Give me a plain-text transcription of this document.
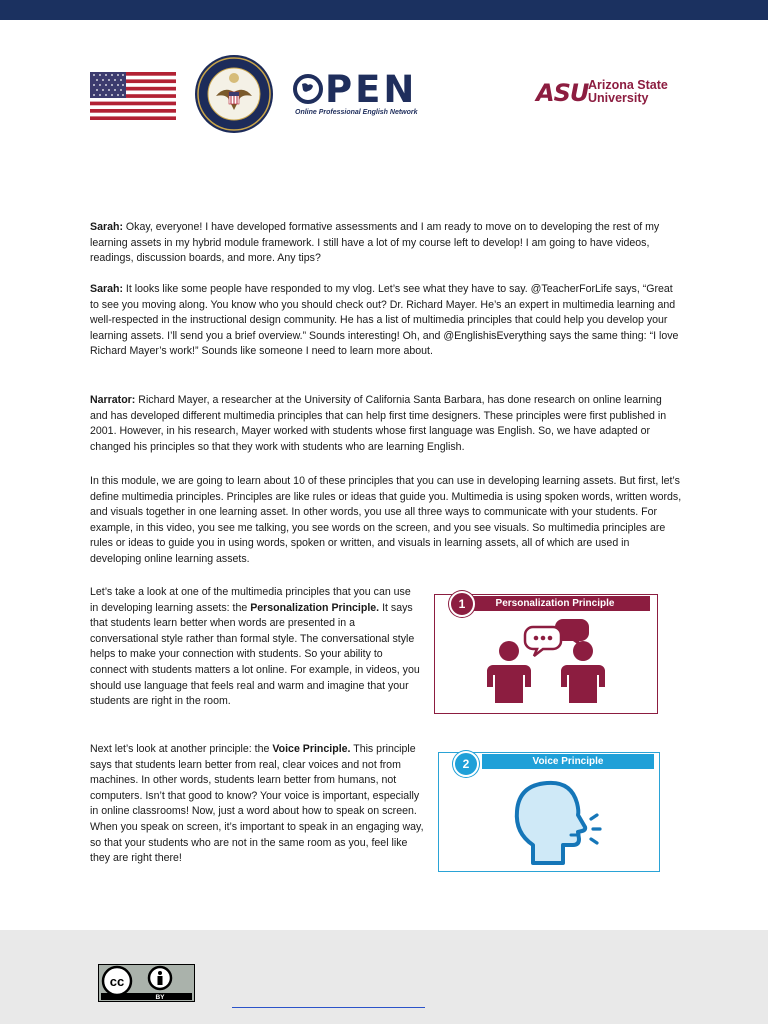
PEN
Online Professional English Network
ASU Arizona State
University

Sarah: Okay, everyone! I have developed formative assessments and I am ready to move on to developing the rest of my learning assets in my hybrid module framework. I still have a lot of my course left to develop! I am going to have videos, readings, discussion boards, and more. Any tips?

Sarah: It looks like some people have responded to my vlog. Let’s see what they have to say. @TeacherForLife says, “Great to see you moving along. You know who you should check out? Dr. Richard Mayer. He’s an expert in multimedia learning and well-respected in the instructional design community. He has a list of multimedia principles that could help you develop your learning assets. I’ll send you a brief overview.” Sounds interesting! Oh, and @EnglishisEverything says the same thing: “I love Richard Mayer’s work!” Sounds like someone I need to learn more about.

Narrator: Richard Mayer, a researcher at the University of California Santa Barbara, has done research on online learning and has developed different multimedia principles that can help first time designers. These principles were first published in 2001. However, in his research, Mayer worked with students whose first language was English. So, we have adapted or changed his principles so that they work with students who are learning English.

In this module, we are going to learn about 10 of these principles that you can use in developing learning assets. But first, let’s define multimedia principles. Principles are like rules or ideas that guide you. Multimedia is using spoken words, written words, and visuals together in one learning asset. In other words, you use all three ways to communicate with your students. For example, in this video, you see me talking, you see words on the screen, and you see visuals. So multimedia principles are rules or ideas to guide you in using words, spoken or written, and visuals in learning assets, all of which are used in developing online learning assets.

Let’s take a look at one of the multimedia principles that you can use in developing learning assets: the Personalization Principle. It says that students learn better when words are presented in a conversational style rather than formal style. The conversational style helps to make your connection with students. So your ability to connect with students matters a lot online. For example, in videos, you should use language that feels real and warm and imagine that your students are right in the room.

Next let’s look at another principle: the Voice Principle. This principle says that students learn better from real, clear voices and not from machines. In other words, students learn better from humans, not computers. Isn’t that good to know? Your voice is important, especially in online classrooms! Now, just a word about how to speak on screen. When you speak on screen, it’s important to speak in an engaging way, so that your students who are not in the same room as you, feel like they are right there!

Personalization Principle
1
Voice Principle
2
cc
BY
